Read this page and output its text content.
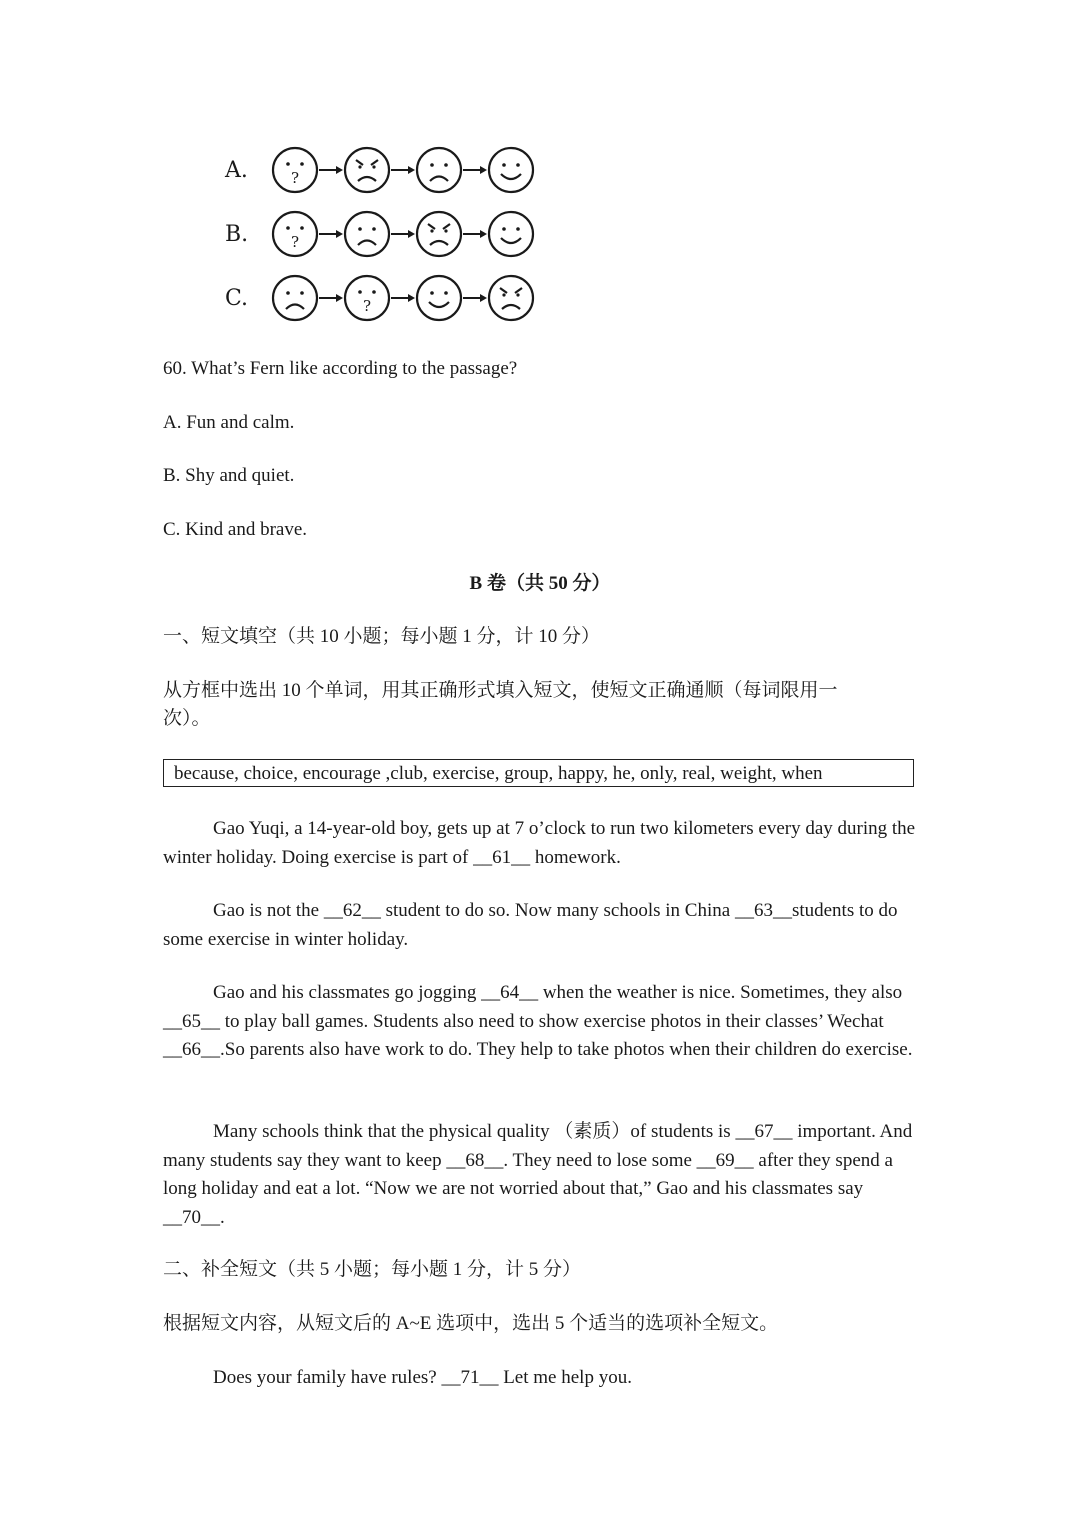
A.	?
B.	?
C.	?
60. What’s Fern like according to the passage?
A. Fun and calm.
B. Shy and quiet.
C. Kind and brave.
B 卷（共 50 分）
一、短文填空（共 10 小题；每小题 1 分，计 10 分）
从方框中选出 10 个单词，用其正确形式填入短文，使短文正确通顺（每词限用一
次）。
because, choice, encourage ,club, exercise, group, happy, he, only, real, weight, when
Gao Yuqi, a 14-year-old boy, gets up at 7 o’clock to run two kilometers every day during the winter holiday. Doing exercise is part of __61__ homework.
Gao is not the __62__ student to do so. Now many schools in China __63__students to do some exercise in winter holiday.
Gao and his classmates go jogging __64__ when the weather is nice. Sometimes, they also __65__ to play ball games. Students also need to show exercise photos in their classes’ Wechat __66__.So parents also have work to do. They help to take photos when their children do exercise.
Many schools think that the physical quality （素质）of students is __67__ important. And many students say they want to keep __68__. They need to lose some __69__ after they spend a long holiday and eat a lot. “Now we are not worried about that,” Gao and his classmates say __70__.
二、补全短文（共 5 小题；每小题 1 分，计 5 分）
根据短文内容，从短文后的 A~E 选项中，选出 5 个适当的选项补全短文。
Does your family have rules? __71__ Let me help you.
